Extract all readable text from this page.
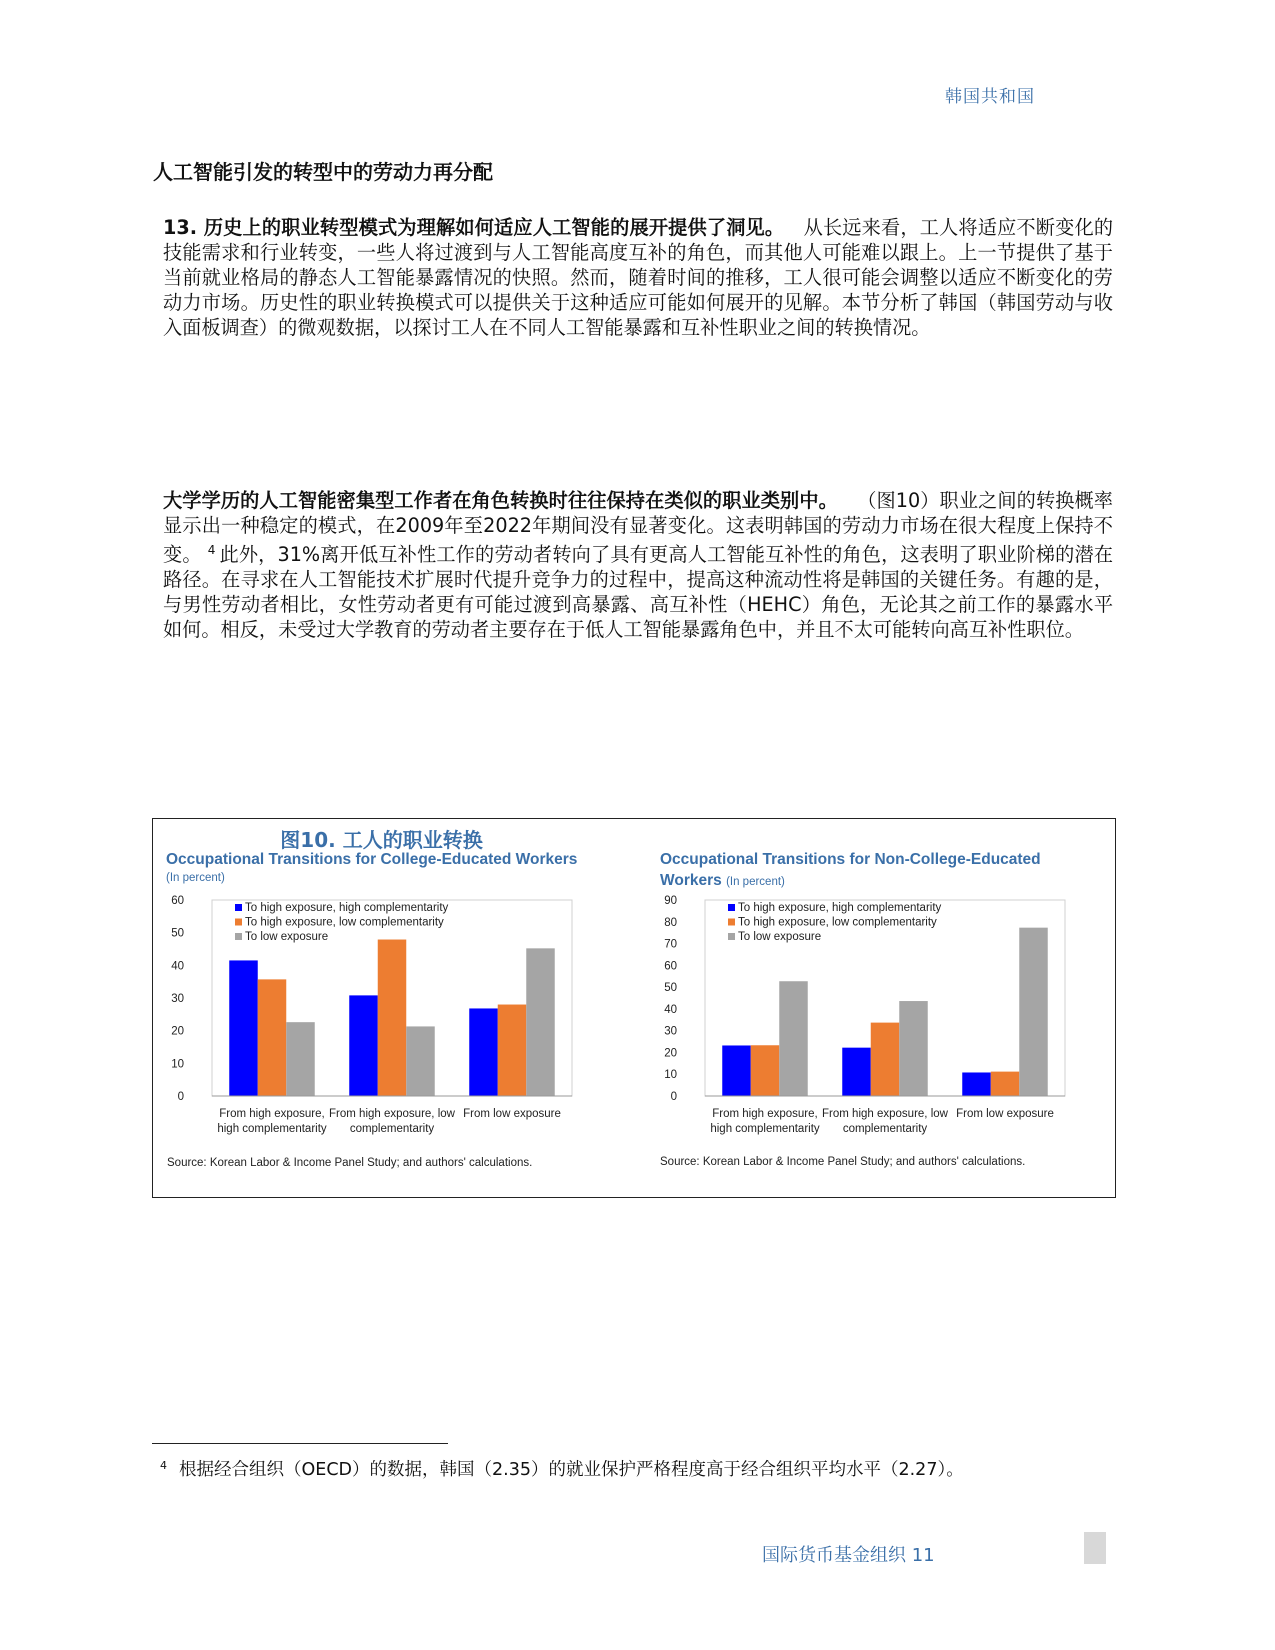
韩国共和国
人工智能引发的转型中的劳动力再分配
13. 历史上的职业转型模式为理解如何适应人工智能的展开提供了洞见。  从长远来看，工人将适应不断变化的技能需求和行业转变，一些人将过渡到与人工智能高度互补的角色，而其他人可能难以跟上。上一节提供了基于当前就业格局的静态人工智能暴露情况的快照。然而，随着时间的推移，工人很可能会调整以适应不断变化的劳动力市场。历史性的职业转换模式可以提供关于这种适应可能如何展开的见解。本节分析了韩国（韩国劳动与收入面板调查）的微观数据，以探讨工人在不同人工智能暴露和互补性职业之间的转换情况。
大学学历的人工智能密集型工作者在角色转换时往往保持在类似的职业类别中。  （图10）职业之间的转换概率显示出一种稳定的模式，在2009年至2022年期间没有显著变化。这表明韩国的劳动力市场在很大程度上保持不变。 $^4$ 此外，31%离开低互补性工作的劳动者转向了具有更高人工智能互补性的角色，这表明了职业阶梯的潜在路径。在寻求在人工智能技术扩展时代提升竞争力的过程中，提高这种流动性将是韩国的关键任务。有趣的是，与男性劳动者相比，女性劳动者更有可能过渡到高暴露、高互补性（HEHC）角色，无论其之前工作的暴露水平如何。相反，未受过大学教育的劳动者主要存在于低人工智能暴露角色中，并且不太可能转向高互补性职位。
图10. 工人的职业转换
Occupational Transitions for College-Educated Workers
(In percent)
0
10
20
30
40
50
60
From high exposure,
high complementarity
From high exposure, low
complementarity
From low exposure
To high exposure, high complementarity
To high exposure, low complementarity
To low exposure
Source: Korean Labor & Income Panel Study; and authors' calculations.
Occupational Transitions for Non-College-Educated
Workers (In percent)
0
10
20
30
40
50
60
70
80
90
From high exposure,
high complementarity
From high exposure, low
complementarity
From low exposure
To high exposure, high complementarity
To high exposure, low complementarity
To low exposure
Source: Korean Labor & Income Panel Study; and authors' calculations.
$^4$ 根据经合组织（OECD）的数据，韩国（2.35）的就业保护严格程度高于经合组织平均水平（2.27）。
国际货币基金组织 11
